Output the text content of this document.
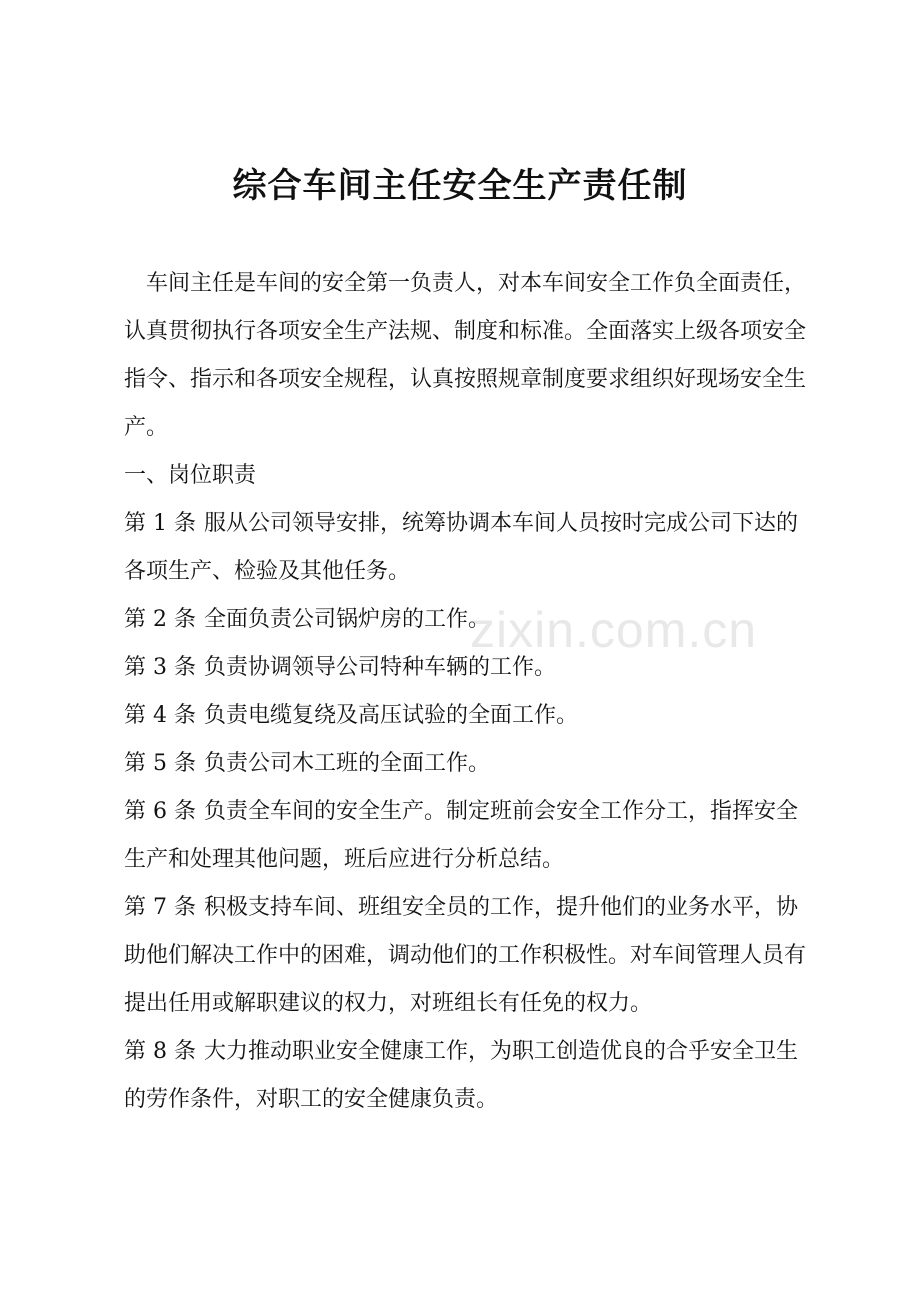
综合车间主任安全生产责任制

车间主任是车间的安全第一负责人，对本车间安全工作负全面责任，认真贯彻执行各项安全生产法规、制度和标准。全面落实上级各项安全指令、指示和各项安全规程，认真按照规章制度要求组织好现场安全生产。

一、岗位职责

第 1 条 服从公司领导安排，统筹协调本车间人员按时完成公司下达的各项生产、检验及其他任务。

第 2 条 全面负责公司锅炉房的工作。

第 3 条 负责协调领导公司特种车辆的工作。

第 4 条 负责电缆复绕及高压试验的全面工作。

第 5 条 负责公司木工班的全面工作。

第 6 条 负责全车间的安全生产。制定班前会安全工作分工，指挥安全生产和处理其他问题，班后应进行分析总结。

第 7 条 积极支持车间、班组安全员的工作，提升他们的业务水平，协助他们解决工作中的困难，调动他们的工作积极性。对车间管理人员有提出任用或解职建议的权力，对班组长有任免的权力。

第 8 条 大力推动职业安全健康工作，为职工创造优良的合乎安全卫生的劳作条件，对职工的安全健康负责。

zixin.com.cn
